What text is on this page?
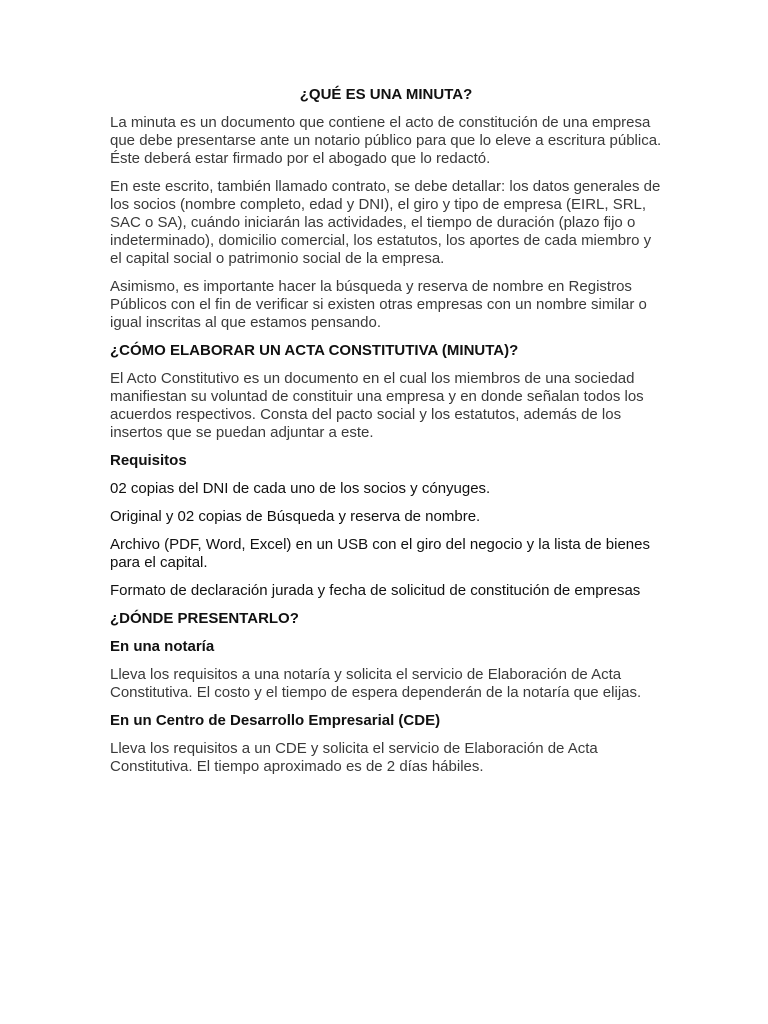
¿QUÉ ES UNA MINUTA?

La minuta es un documento que contiene el acto de constitución de una empresa que debe presentarse ante un notario público para que lo eleve a escritura pública. Éste deberá estar firmado por el abogado que lo redactó.

En este escrito, también llamado contrato, se debe detallar: los datos generales de los socios (nombre completo, edad y DNI), el giro y tipo de empresa (EIRL, SRL, SAC o SA), cuándo iniciarán las actividades, el tiempo de duración (plazo fijo o indeterminado), domicilio comercial, los estatutos, los aportes de cada miembro y el capital social o patrimonio social de la empresa.

Asimismo, es importante hacer la búsqueda y reserva de nombre en Registros Públicos con el fin de verificar si existen otras empresas con un nombre similar o igual inscritas al que estamos pensando.

¿CÓMO ELABORAR UN ACTA CONSTITUTIVA (MINUTA)?

El Acto Constitutivo es un documento en el cual los miembros de una sociedad manifiestan su voluntad de constituir una empresa y en donde señalan todos los acuerdos respectivos. Consta del pacto social y los estatutos, además de los insertos que se puedan adjuntar a este.

Requisitos

02 copias del DNI de cada uno de los socios y cónyuges.

Original y 02 copias de Búsqueda y reserva de nombre.

Archivo (PDF, Word, Excel) en un USB con el giro del negocio y la lista de bienes para el capital.

Formato de declaración jurada y fecha de solicitud de constitución de empresas

¿DÓNDE PRESENTARLO?
En una notaría

Lleva los requisitos a una notaría y solicita el servicio de Elaboración de Acta Constitutiva. El costo y el tiempo de espera dependerán de la notaría que elijas.

En un Centro de Desarrollo Empresarial (CDE)

Lleva los requisitos a un CDE y solicita el servicio de Elaboración de Acta Constitutiva. El tiempo aproximado es de 2 días hábiles.
